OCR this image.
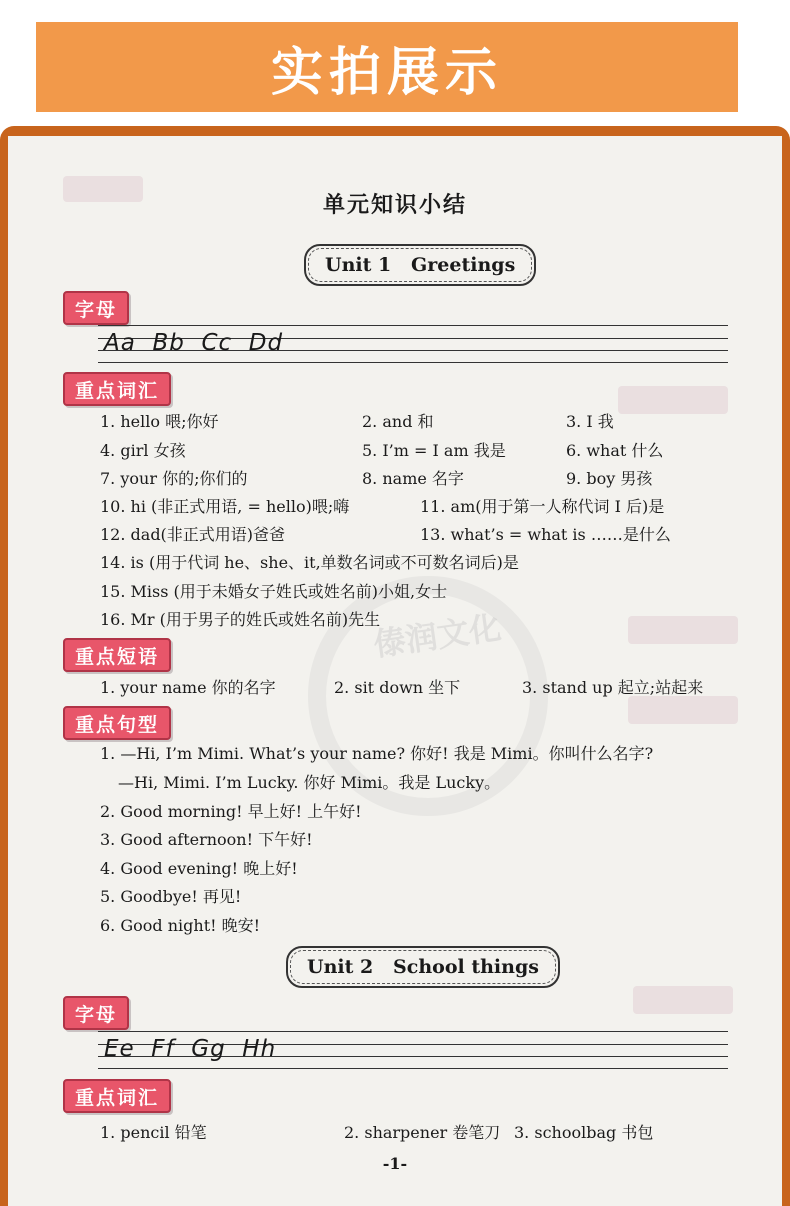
实拍展示
傣润文化
单元知识小结
Unit 1   Greetings
字母
Aa  Bb  Cc  Dd
重点词汇
1. hello 喂;你好	2. and 和	3. I 我
4. girl 女孩	5. I’m = I am 我是	6. what 什么
7. your 你的;你们的	8. name 名字	9. boy 男孩
10. hi (非正式用语, = hello)喂;嗨	11. am(用于第一人称代词 I 后)是
12. dad(非正式用语)爸爸	13. what’s = what is ……是什么
14. is (用于代词 he、she、it,单数名词或不可数名词后)是
15. Miss (用于未婚女子姓氏或姓名前)小姐,女士
16. Mr (用于男子的姓氏或姓名前)先生
重点短语
1. your name 你的名字	2. sit down 坐下	3. stand up 起立;站起来
重点句型
1. —Hi, I’m Mimi. What’s your name? 你好! 我是 Mimi。你叫什么名字?
—Hi, Mimi. I’m Lucky. 你好 Mimi。我是 Lucky。
2. Good morning! 早上好! 上午好!
3. Good afternoon! 下午好!
4. Good evening! 晚上好!
5. Goodbye! 再见!
6. Good night! 晚安!
Unit 2   School things
字母
Ee  Ff  Gg  Hh
重点词汇
1. pencil 铅笔	2. sharpener 卷笔刀 3. schoolbag 书包
-1-
